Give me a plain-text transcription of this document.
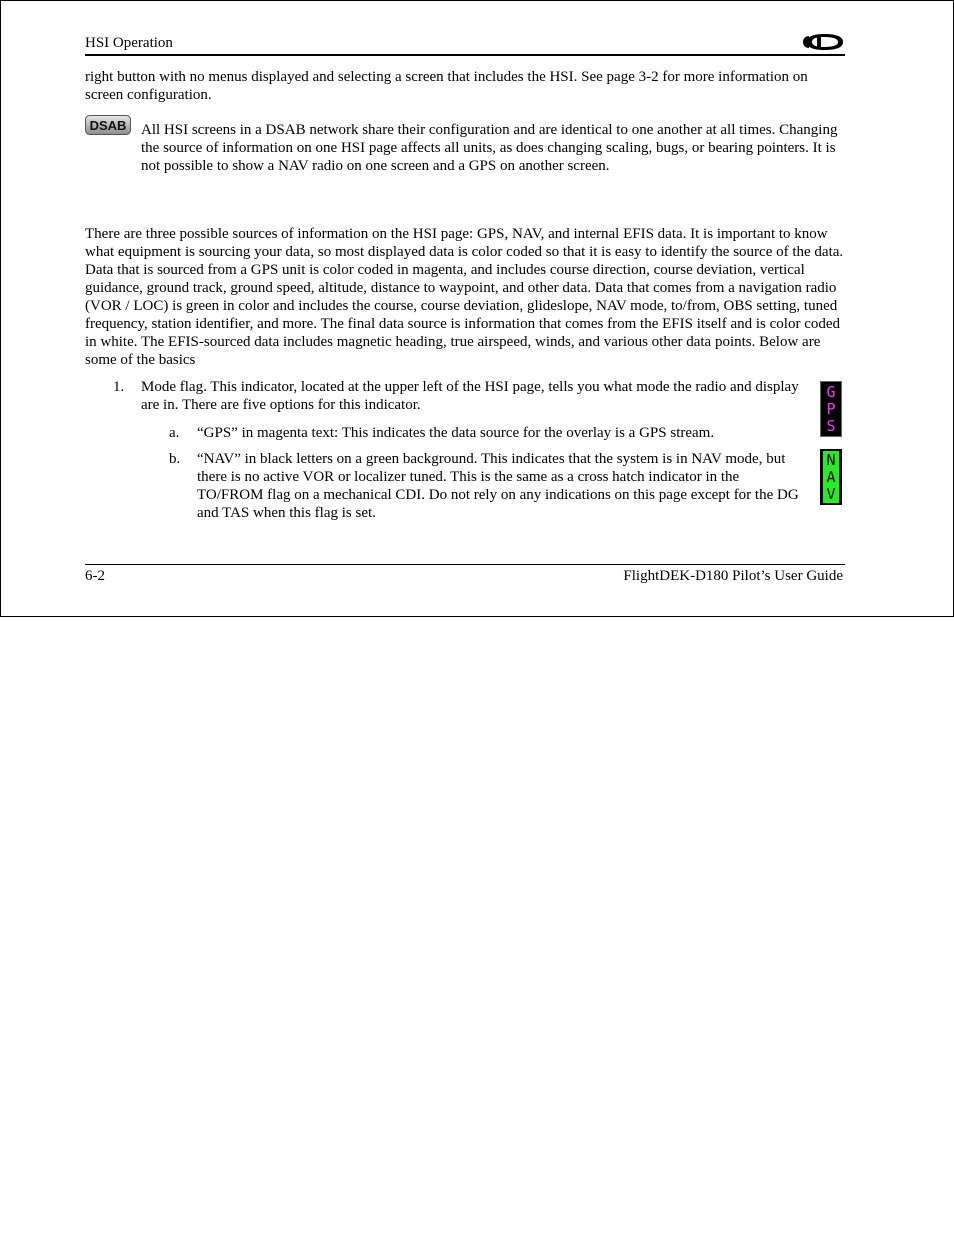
HSI Operation
right button with no menus displayed and selecting a screen that includes the HSI. See page 3-2 for more information on screen configuration.
DSAB All HSI screens in a DSAB network share their configuration and are identical to one another at all times. Changing the source of information on one HSI page affects all units, as does changing scaling, bugs, or bearing pointers. It is not possible to show a NAV radio on one screen and a GPS on another screen.
There are three possible sources of information on the HSI page: GPS, NAV, and internal EFIS data. It is important to know what equipment is sourcing your data, so most displayed data is color coded so that it is easy to identify the source of the data. Data that is sourced from a GPS unit is color coded in magenta, and includes course direction, course deviation, vertical guidance, ground track, ground speed, altitude, distance to waypoint, and other data. Data that comes from a navigation radio (VOR / LOC) is green in color and includes the course, course deviation, glideslope, NAV mode, to/from, OBS setting, tuned frequency, station identifier, and more. The final data source is information that comes from the EFIS itself and is color coded in white. The EFIS-sourced data includes magnetic heading, true airspeed, winds, and various other data points. Below are some of the basics
1. Mode flag. This indicator, located at the upper left of the HSI page, tells you what mode the radio and display are in. There are five options for this indicator.
a. “GPS” in magenta text: This indicates the data source for the overlay is a GPS stream.
b. “NAV” in black letters on a green background. This indicates that the system is in NAV mode, but there is no active VOR or localizer tuned. This is the same as a cross hatch indicator in the TO/FROM flag on a mechanical CDI. Do not rely on any indications on this page except for the DG and TAS when this flag is set.
G
P
S
N
A
V
6-2	FlightDEK-D180 Pilot’s User Guide
